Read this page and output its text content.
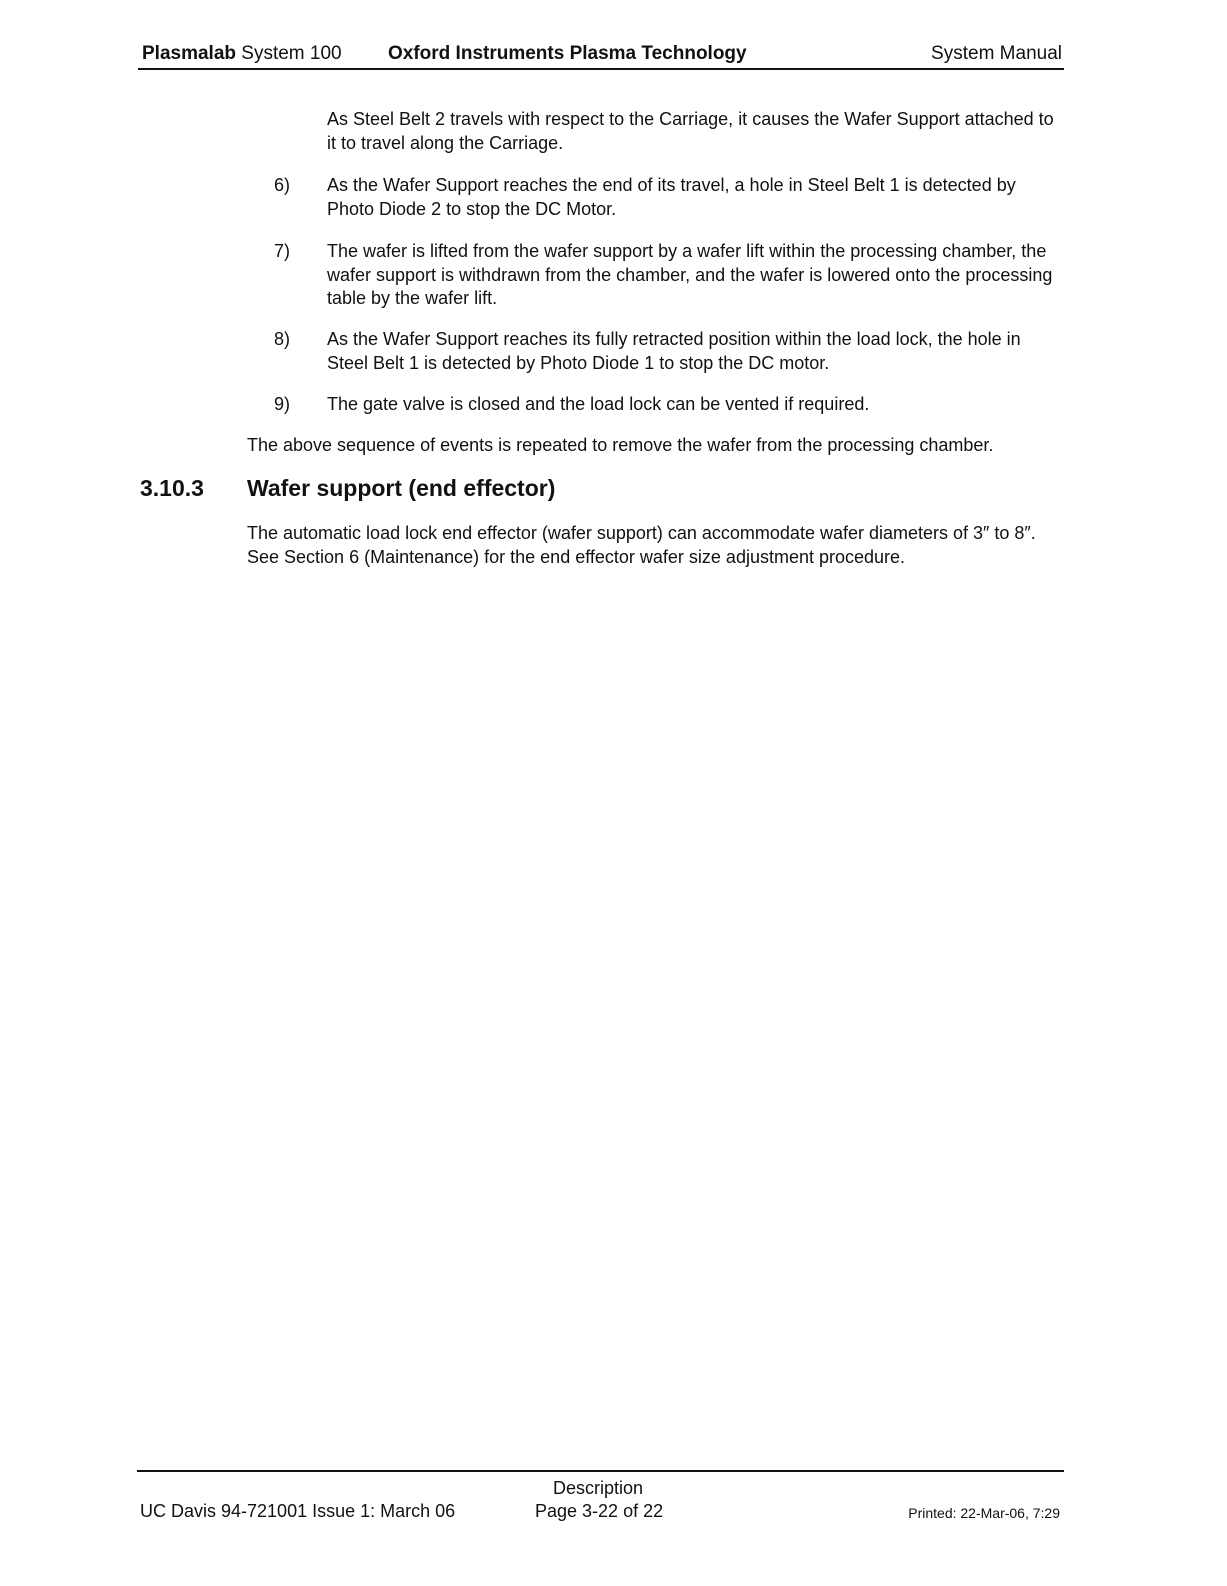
Plasmalab System 100 Oxford Instruments Plasma Technology	System Manual
As Steel Belt 2 travels with respect to the Carriage, it causes the Wafer Support attached to it to travel along the Carriage.
6) As the Wafer Support reaches the end of its travel, a hole in Steel Belt 1 is detected by Photo Diode 2 to stop the DC Motor.
7) The wafer is lifted from the wafer support by a wafer lift within the processing chamber, the wafer support is withdrawn from the chamber, and the wafer is lowered onto the processing table by the wafer lift.
8) As the Wafer Support reaches its fully retracted position within the load lock, the hole in Steel Belt 1 is detected by Photo Diode 1 to stop the DC motor.
9) The gate valve is closed and the load lock can be vented if required.
The above sequence of events is repeated to remove the wafer from the processing chamber.
3.10.3 Wafer support (end effector)
The automatic load lock end effector (wafer support) can accommodate wafer diameters of 3″ to 8″. See Section 6 (Maintenance) for the end effector wafer size adjustment procedure.
Description
UC Davis 94-721001 Issue 1: March 06	Page 3-22 of 22	Printed: 22-Mar-06, 7:29
